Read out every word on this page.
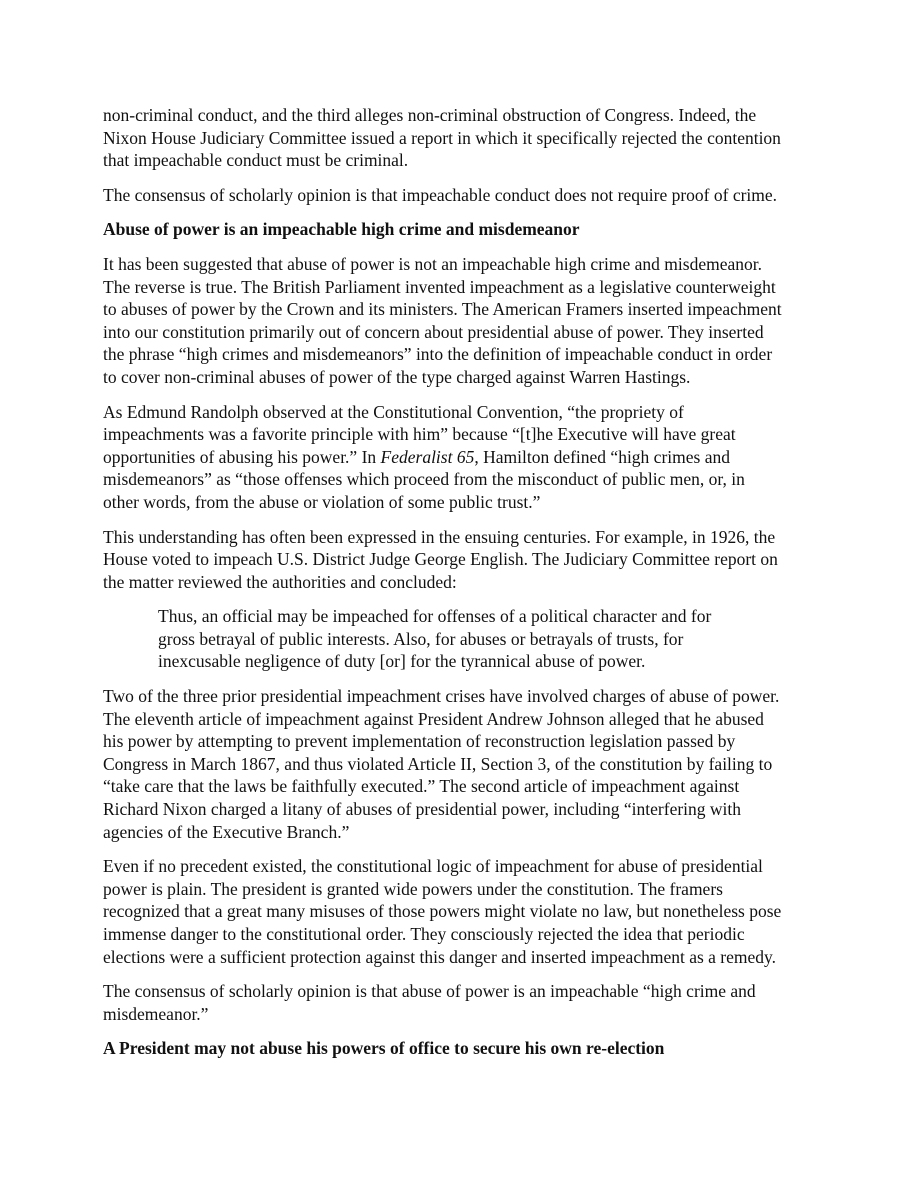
non-criminal conduct, and the third alleges non-criminal obstruction of Congress. Indeed, the
Nixon House Judiciary Committee issued a report in which it specifically rejected the contention
that impeachable conduct must be criminal.

The consensus of scholarly opinion is that impeachable conduct does not require proof of crime.

Abuse of power is an impeachable high crime and misdemeanor

It has been suggested that abuse of power is not an impeachable high crime and misdemeanor.
The reverse is true. The British Parliament invented impeachment as a legislative counterweight
to abuses of power by the Crown and its ministers. The American Framers inserted impeachment
into our constitution primarily out of concern about presidential abuse of power. They inserted
the phrase “high crimes and misdemeanors” into the definition of impeachable conduct in order
to cover non-criminal abuses of power of the type charged against Warren Hastings.

As Edmund Randolph observed at the Constitutional Convention, “the propriety of
impeachments was a favorite principle with him” because “[t]he Executive will have great
opportunities of abusing his power.” In Federalist 65, Hamilton defined “high crimes and
misdemeanors” as “those offenses which proceed from the misconduct of public men, or, in
other words, from the abuse or violation of some public trust.”

This understanding has often been expressed in the ensuing centuries. For example, in 1926, the
House voted to impeach U.S. District Judge George English. The Judiciary Committee report on
the matter reviewed the authorities and concluded:

Thus, an official may be impeached for offenses of a political character and for
gross betrayal of public interests. Also, for abuses or betrayals of trusts, for
inexcusable negligence of duty [or] for the tyrannical abuse of power.

Two of the three prior presidential impeachment crises have involved charges of abuse of power.
The eleventh article of impeachment against President Andrew Johnson alleged that he abused
his power by attempting to prevent implementation of reconstruction legislation passed by
Congress in March 1867, and thus violated Article II, Section 3, of the constitution by failing to
“take care that the laws be faithfully executed.” The second article of impeachment against
Richard Nixon charged a litany of abuses of presidential power, including “interfering with
agencies of the Executive Branch.”

Even if no precedent existed, the constitutional logic of impeachment for abuse of presidential
power is plain. The president is granted wide powers under the constitution. The framers
recognized that a great many misuses of those powers might violate no law, but nonetheless pose
immense danger to the constitutional order. They consciously rejected the idea that periodic
elections were a sufficient protection against this danger and inserted impeachment as a remedy.

The consensus of scholarly opinion is that abuse of power is an impeachable “high crime and
misdemeanor.”

A President may not abuse his powers of office to secure his own re-election
